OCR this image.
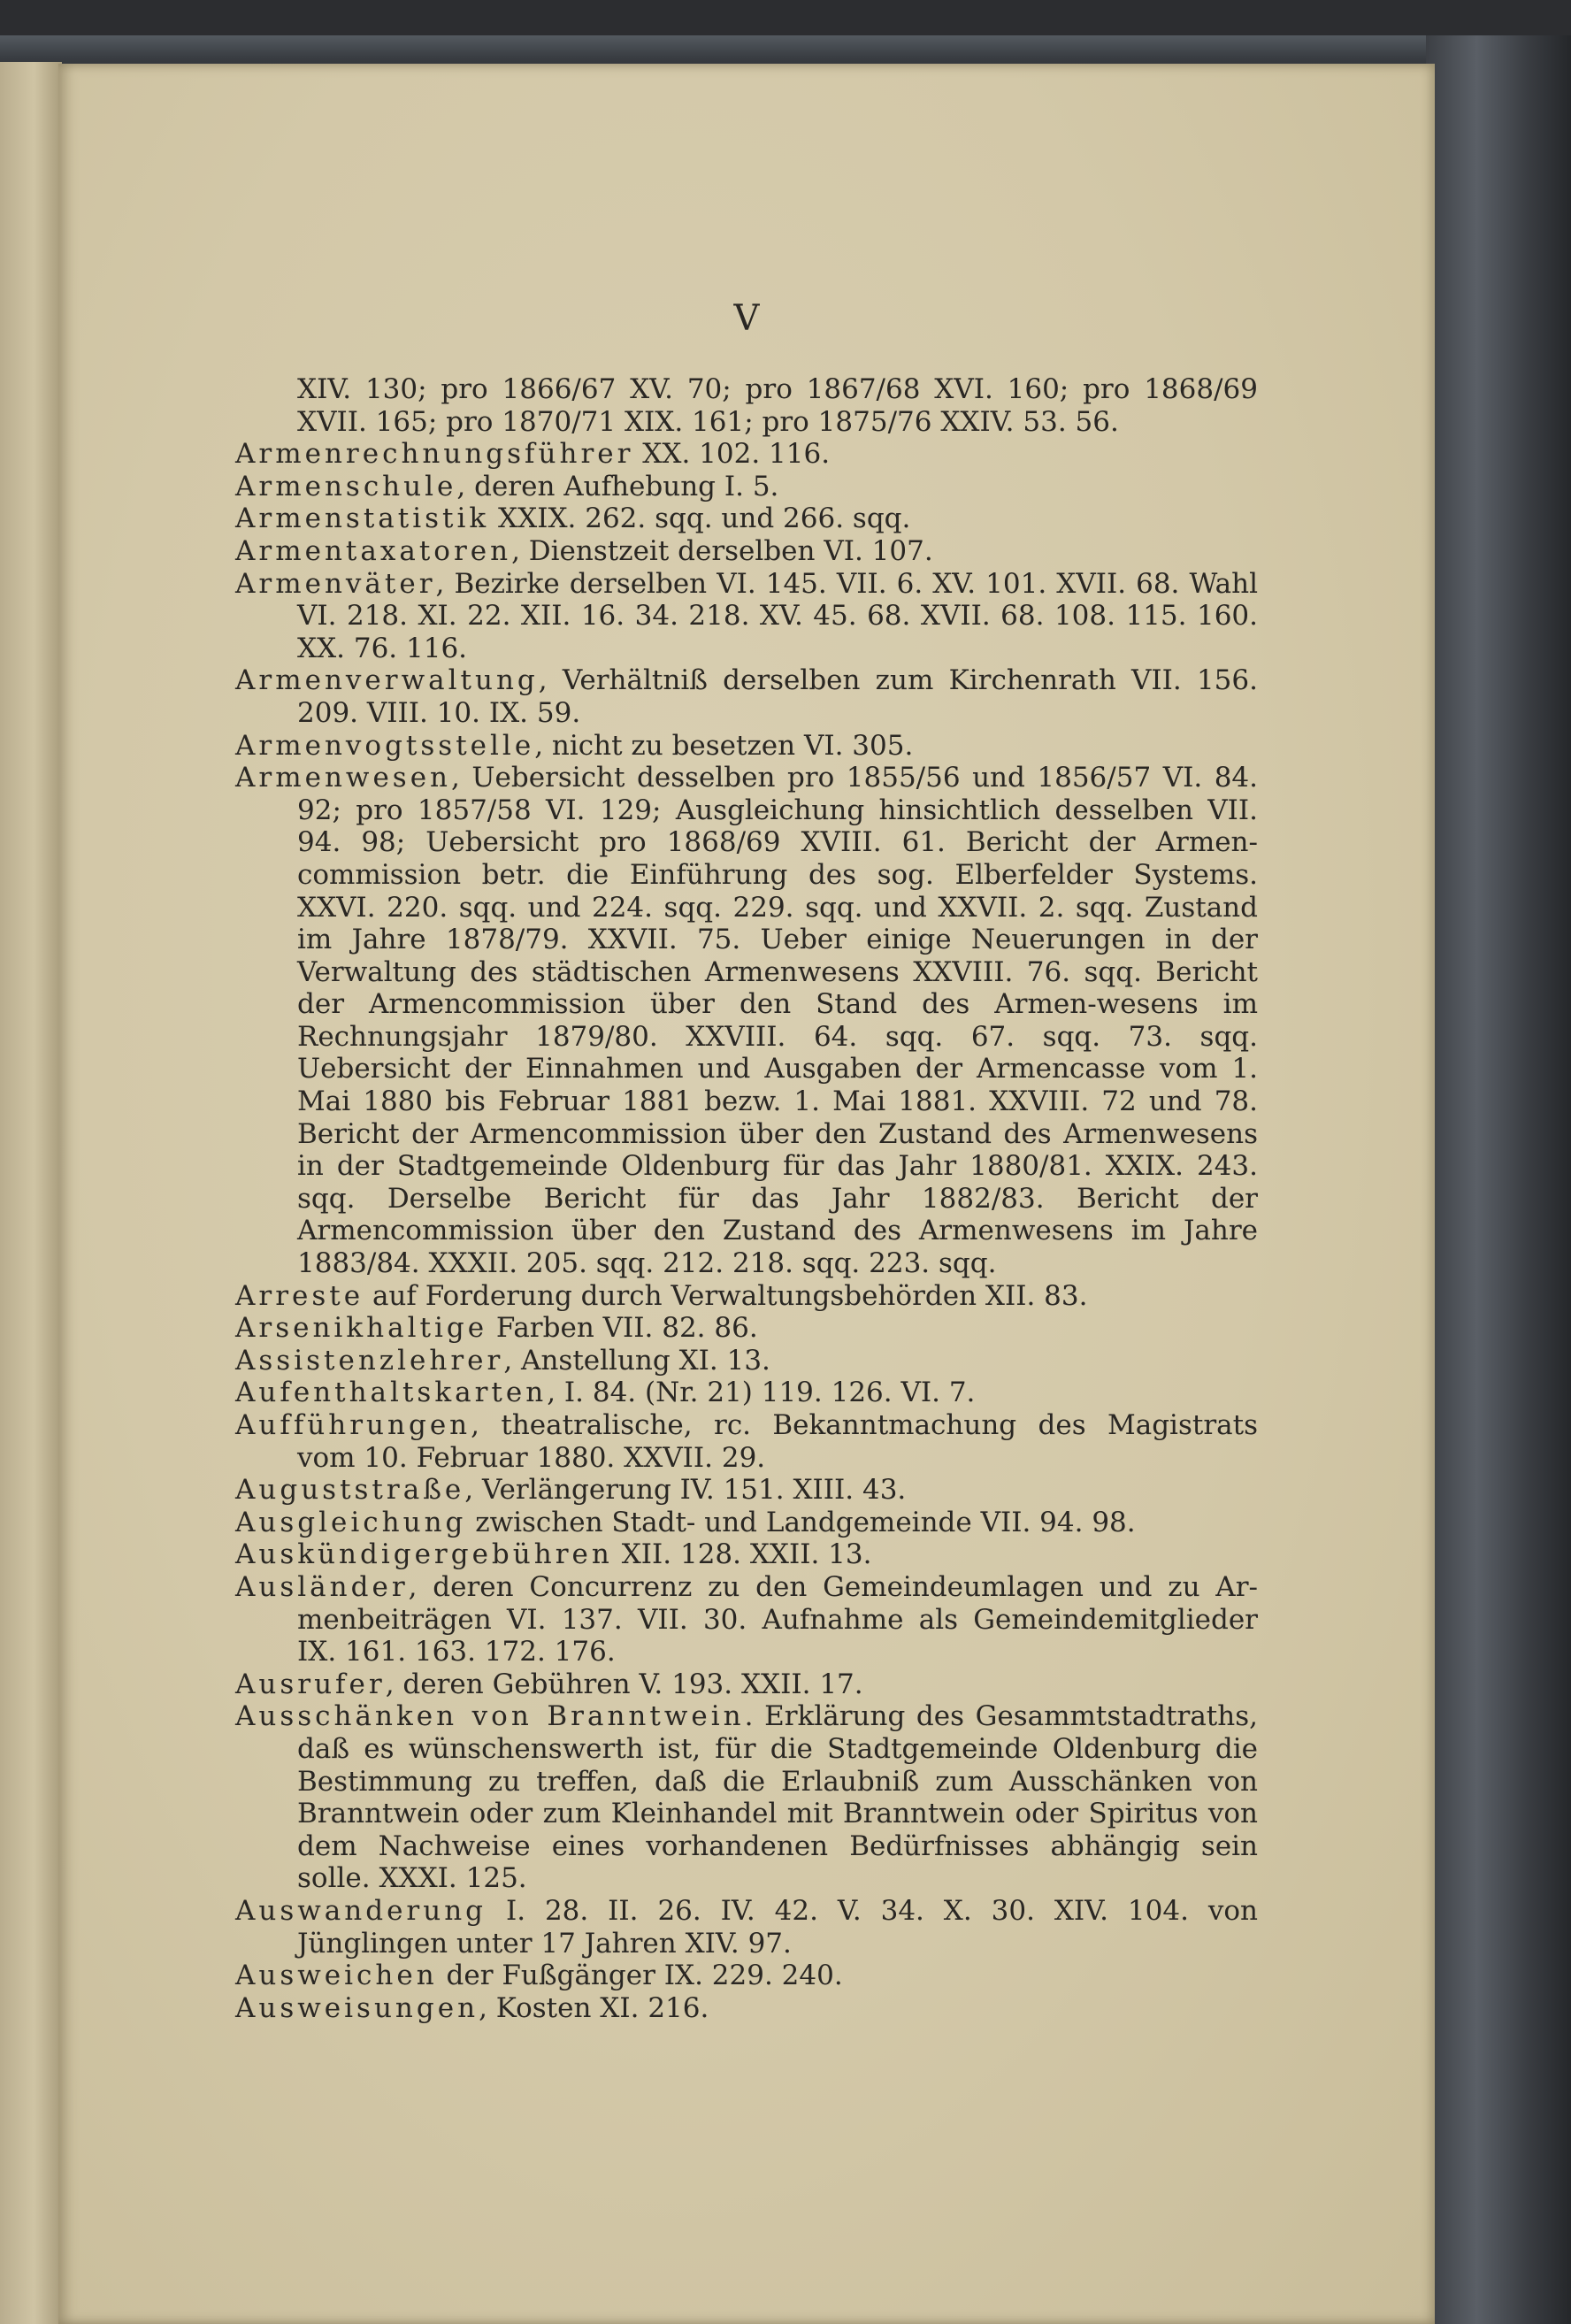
V
XIV. 130; pro 1866/67 XV. 70; pro 1867/68 XVI. 160; pro 1868/69 XVII. 165; pro 1870/71 XIX. 161; pro 1875/76 XXIV. 53. 56.
Armenrechnungsführer XX. 102. 116.
Armenschule, deren Aufhebung I. 5.
Armenstatistik XXIX. 262. sqq. und 266. sqq.
Armentaxatoren, Dienstzeit derselben VI. 107.
Armenväter, Bezirke derselben VI. 145. VII. 6. XV. 101. XVII. 68. Wahl VI. 218. XI. 22. XII. 16. 34. 218. XV. 45. 68. XVII. 68. 108. 115. 160. XX. 76. 116.
Armenverwaltung, Verhältniß derselben zum Kirchenrath VII. 156. 209. VIII. 10. IX. 59.
Armenvogtsstelle, nicht zu besetzen VI. 305.
Armenwesen, Uebersicht desselben pro 1855/56 und 1856/57 VI. 84. 92; pro 1857/58 VI. 129; Ausgleichung hinsichtlich desselben VII. 94. 98; Uebersicht pro 1868/69 XVIII. 61. Bericht der Armen-commission betr. die Einführung des sog. Elberfelder Systems. XXVI. 220. sqq. und 224. sqq. 229. sqq. und XXVII. 2. sqq. Zustand im Jahre 1878/79. XXVII. 75. Ueber einige Neuerungen in der Verwaltung des städtischen Armenwesens XXVIII. 76. sqq. Bericht der Armencommission über den Stand des Armen-wesens im Rechnungsjahr 1879/80. XXVIII. 64. sqq. 67. sqq. 73. sqq. Uebersicht der Einnahmen und Ausgaben der Armencasse vom 1. Mai 1880 bis Februar 1881 bezw. 1. Mai 1881. XXVIII. 72 und 78. Bericht der Armencommission über den Zustand des Armenwesens in der Stadtgemeinde Oldenburg für das Jahr 1880/81. XXIX. 243. sqq. Derselbe Bericht für das Jahr 1882/83. Bericht der Armencommission über den Zustand des Armenwesens im Jahre 1883/84. XXXII. 205. sqq. 212. 218. sqq. 223. sqq.
Arreste auf Forderung durch Verwaltungsbehörden XII. 83.
Arsenikhaltige Farben VII. 82. 86.
Assistenzlehrer, Anstellung XI. 13.
Aufenthaltskarten, I. 84. (Nr. 21) 119. 126. VI. 7.
Aufführungen, theatralische, rc. Bekanntmachung des Magistrats vom 10. Februar 1880. XXVII. 29.
Auguststraße, Verlängerung IV. 151. XIII. 43.
Ausgleichung zwischen Stadt- und Landgemeinde VII. 94. 98.
Auskündigergebühren XII. 128. XXII. 13.
Ausländer, deren Concurrenz zu den Gemeindeumlagen und zu Ar-menbeiträgen VI. 137. VII. 30. Aufnahme als Gemeindemitglieder IX. 161. 163. 172. 176.
Ausrufer, deren Gebühren V. 193. XXII. 17.
Ausschänken von Branntwein. Erklärung des Gesammtstadtraths, daß es wünschenswerth ist, für die Stadtgemeinde Oldenburg die Bestimmung zu treffen, daß die Erlaubniß zum Ausschänken von Branntwein oder zum Kleinhandel mit Branntwein oder Spiritus von dem Nachweise eines vorhandenen Bedürfnisses abhängig sein solle. XXXI. 125.
Auswanderung I. 28. II. 26. IV. 42. V. 34. X. 30. XIV. 104. von Jünglingen unter 17 Jahren XIV. 97.
Ausweichen der Fußgänger IX. 229. 240.
Ausweisungen, Kosten XI. 216.
